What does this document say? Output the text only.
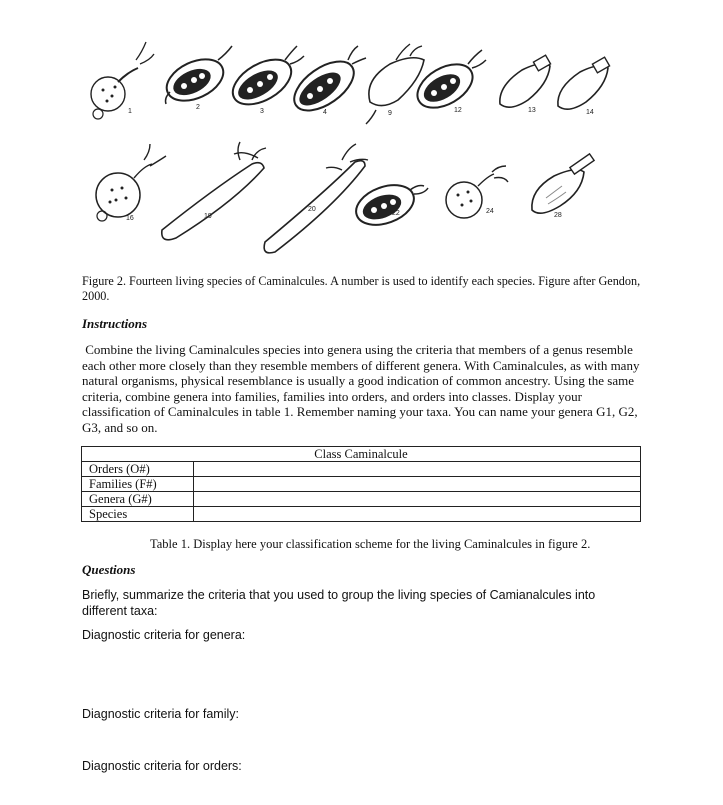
1
2
3	4	9	12	13	14
16	19
20
22	24
28
Figure 2. Fourteen living species of Caminalcules. A number is used to identify each species. Figure after Gendon, 2000.
Instructions
Combine the living Caminalcules species into genera using the criteria that members of a genus resemble each other more closely than they resemble members of different genera. With Caminalcules, as with many natural organisms, physical resemblance is usually a good indication of common ancestry. Using the same criteria, combine genera into families, families into orders, and orders into classes. Display your classification of Caminalcules in table 1. Remember naming your taxa. You can name your genera G1, G2, G3, and so on.
Class Caminalcule	
Orders (O#)	
Families (F#)	
Genera (G#)	
Species	
Table 1. Display here your classification scheme for the living Caminalcules in figure 2.
Questions
Briefly, summarize the criteria that you used to group the living species of Camianalcules into different taxa:
Diagnostic criteria for genera:
Diagnostic criteria for family:
Diagnostic criteria for orders:
